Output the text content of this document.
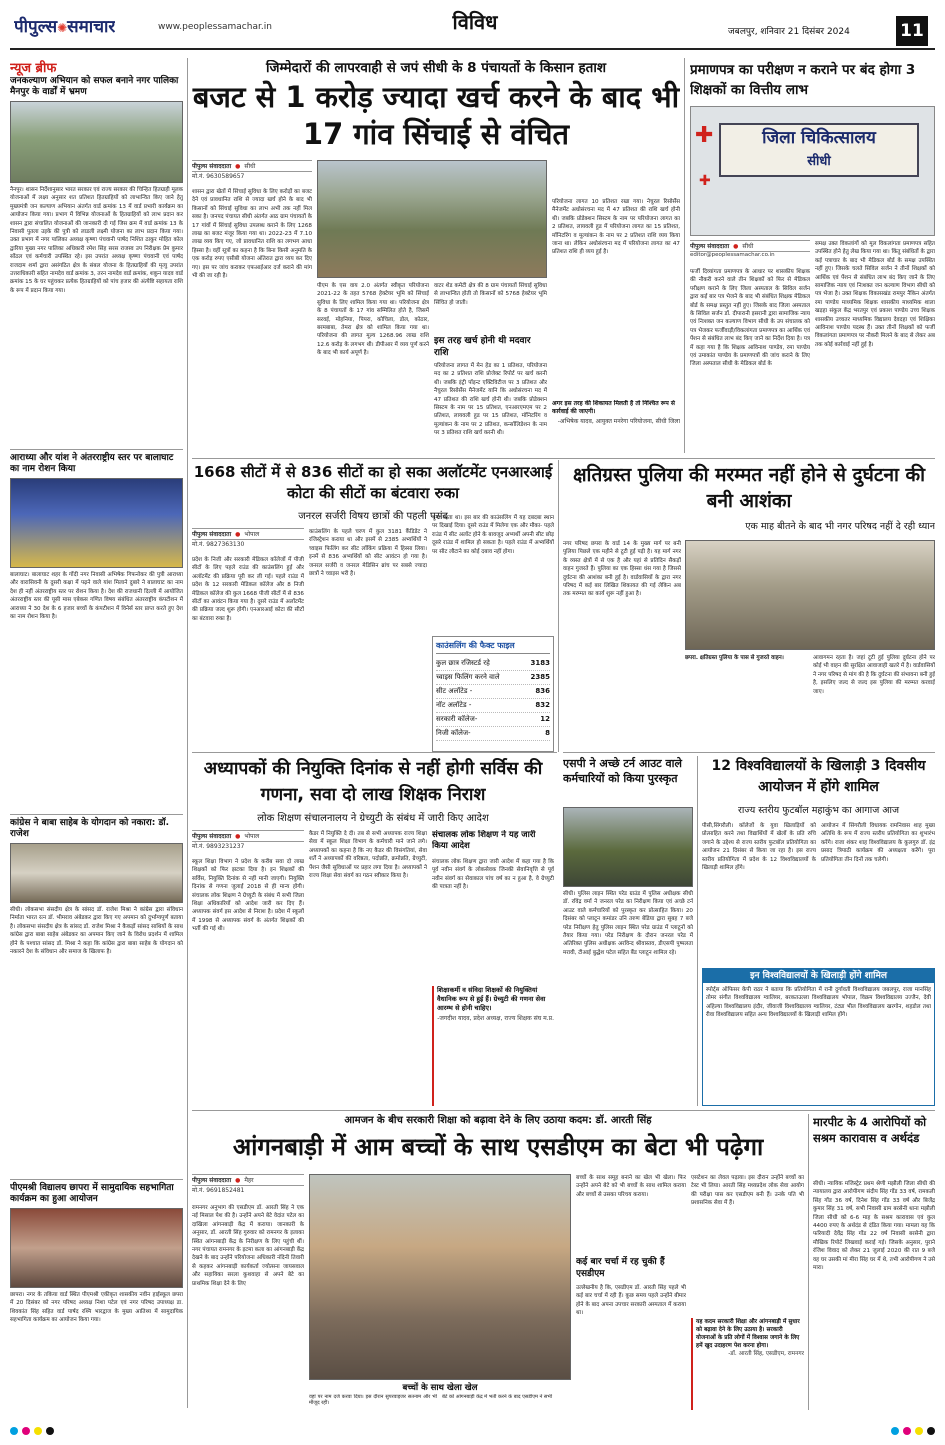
पीपुल्स✺समाचार	www.peoplessamachar.in	विविध	जबलपुर, शनिवार 21 दिसंबर 2024	11
न्यूज ब्रीफ
जनकल्याण अभियान को सफल बनाने नगर पालिका मैनपुर के वार्डों में भ्रमण
नैनपुर। शासन निर्देशानुसार भारत सरकार एवं राज्य सरकार की चिन्हित हितग्राही मूलक योजनाओं में लक्ष्य अनुसार शत प्रतिशत हितग्राहियों को लाभान्वित किए जाने हेतु मुख्यमंत्री जन कल्याण अभियान अंतर्गत वार्ड क्रमांक 13 में वार्ड प्रभारी कार्यक्रम का आयोजन किया गया। प्रभाग में विभिन्न योजनाओं के हितग्राहियों को लाभ प्रदान कर शासन द्वारा संचालित योजनाओं की जानकारी दी गई जिस क्रम में वार्ड क्रमांक 13 के निवासी पुतला उइके की पुत्री को लाडली लक्ष्मी योजना का लाभ प्रदान किया गया। उक्त प्रभाग में नगर पालिका अध्यक्ष कृष्णा पंचवानी पार्षद निशित ठाकुर मोहित कोल द्वारिया मुख्य नगर पालिका अधिकारी रमेश सिंह सरस राजस्व उप निरीक्षक प्रेम कुमार सोंठल एवं कर्मचारी उपस्थित रहे। इस उपरांत अध्यक्ष कृष्णा पंचवानी एवं पार्षद राजदाम शर्मा द्वारा असंगठित क्षेत्र के संबल योजना के हितग्राहियों की मृत्यु उपरांत उत्तराधिकारी सहित नामदेव वार्ड क्रमांक 3, तरन नामदेव वार्ड क्रमांक, शकुन यादव वार्ड क्रमांक 15 के घर पहुंचकर प्रत्येक हितग्राहियों को पांच हजार की अंत्येष्टि सहायता राशि के रूप में प्रदान किया गया।
आराध्या और यांश ने अंतरराष्ट्रीय स्तर पर बालाघाट का नाम रोशन किया
बालाघाट। बालाघाट शहर के गोंदी नगर निवासी अभिषेक गिफनोकर की पुत्री आराध्या और वारासिवनी के दुसरी कक्षा में पढ़ने वाले यांश मिलाने दुबारे ने बालाघाट का नाम देश ही नहीं अंतरराष्ट्रीय स्तर पर रोशन किया है। देश की राजधानी दिल्ली में आयोजित अंतरराष्ट्रीय स्तर की यूसी मास एबेकस गणित विषय संबंधित अंतरराष्ट्रीय कंपटीशन में आराध्या ने 30 देश के 6 हजार बच्चों के कंपटीशन में विनेर्स स्तर प्राप्त करते हुए देश का नाम रोशन किया है।
कांग्रेस ने बाबा साहेब के योगदान को नकारा: डॉ. राजेश
सीधी। लोकसभा संसदीय क्षेत्र के सांसद डॉ. राजेश मिश्रा ने कांग्रेस द्वारा संविधान निर्माता भारत रत्न डॉ. भीमराव अंबेडकर द्वारा किए गए अपमान को दुर्भाग्यपूर्ण बताया है। लोकसभा संसदीय क्षेत्र के सांसद डॉ. राजेश मिश्रा ने कैकड़ों सांसद साथियों के साथ कांग्रेस द्वारा बाबा साहेब अंबेडकर का अपमान किए जाने के विरोध प्रदर्शन में शामिल होने के पश्चात सांसद डॉ. मिश्रा ने कहा कि कांग्रेस द्वारा बाबा साहेब के योगदान को नकारने देश के संविधान और समाज के खिलाफ है।
पीएमश्री विद्यालय छापरा में सामुदायिक सहभागिता कार्यक्रम का हुआ आयोजन
छापरा। नगर के तकिया वार्ड स्थित पीएमश्री एकीकृत शासकीय नवीन हाईस्कूल छपरा में 20 दिसंबर को नगर परिषद अध्यक्ष निशा पटेल एवं नगर परिषद उपाध्यक्ष डा. शिवकांत सिंह सहित वार्ड पार्षद रश्मि भारद्वाज के मुख्य आतिथ्य में सामुदायिक सहभागिता कार्यक्रम का आयोजन किया गया।
जिम्मेदारों की लापरवाही से जपं सीधी के 8 पंचायतों के किसान हताश
बजट से 1 करोड़ ज्यादा खर्च करने के बाद भी 17 गांव सिंचाई से वंचित
पीपुल्स संवाददाता ● सीधी
मो.नं. 9630589657
शासन द्वारा खेतों में सिंचाई सुविधा के लिए करोड़ों का बजट देने एवं प्रावधानित राशि से ज्यादा खर्च होने के बाद भी किसानों को सिंचाई सुविधा का लाभ अभी तक नहीं मिल सका है। जनपद पंचायत सीधी अंतर्गत आठ ग्राम पंचायतों के 17 गांवों में सिंचाई सुविधा उपलब्ध कराने के लिए 1268 लाख का बजट मंजूर किया गया था। 2022-23 में 7.10 लाख व्यय किए गए, जो प्रावधानित राशि का लगभग आधा हिस्सा है। वहीं सूत्रों का कहना है कि बिना किसी अनुमति के एक करोड़ रुपए एसीबी योजना अंतिरात द्वारा व्यय कर दिए गए। इस पर जांच कराकर एफआईआर दर्ज कराने की मांग भी की जा रही है।
पीएम के एस वाय 2.0 अंतर्गत स्वीकृत परियोजना 2021-22 के तहत 5768 हेक्टेयर भूमि को सिंचाई सुविधा के लिए शामिल किया गया था। परियोजना क्षेत्र के 8 पंचायतों के 17 गांव सम्मिलित होते है, जिसमें सरवई, मोहनिया, पिपरा, कोचिला, डोल, कोठार, बरमबाबा, तेमरा क्षेत्र को शामिल किया गया था। परियोजना की लागत मूल्य 1268.96 लाख राशि 12.6 करोड़ के लगभग थी। डीपीआर में व्यय पूर्ण करने के बाद भी कार्य अपूर्ण है।
वाटर शेड कमेटी क्षेत्र की 8 ग्राम पंचायतों सिंचाई सुविधा से लाभान्वित होती तो किसानों को 5768 हेक्टेयर भूमि सिंचित हो जाती।
इस तरह खर्च होनी थी मदवार राशि
परियोजना लागत में मेन हेड का 1 प्रतिशत, परियोजना मद का 2 प्रतिशत राशि प्रोजेक्ट रिपोर्ट पर खर्च करनी थी। जबकि इंट्री पॉइन्ट एक्टिविटीज पर 3 प्रतिशत और नैचुरल रिसोर्सेस मैनेजमेंट यानि कि अधोसंरचना मद में 47 प्रतिशत की राशि खर्च होनी थी। जबकि प्रोडेक्शन सिस्टम के नाम पर 15 प्रतिशत, एनआरएमएम पर 2 प्रतिशत, लायवली हुड पर 15 प्रतिशत, मॉनिटरिंग व मूल्यांकन के नाम पर 2 प्रतिशत, कन्सॉलिडेशन के नाम पर 3 प्रतिशत राशि खर्च करनी थी।
परियोजना लागत 10 प्रतिशत रखा गया। नेचुरल रिसोर्सेस मैनेजमेंट अधोसंरचना मद में 47 प्रतिशत की राशि खर्च होनी थी। जबकि प्रोडेक्शन सिस्टम के नाम पर परियोजना लागत का 2 प्रतिशत, लायवली हुड में परियोजना लागत का 15 प्रतिशत, मॉनिटरिंग व मूल्यांकन के नाम पर 2 प्रतिशत राशि व्यय किया जाना था। लेकिन अधोसंरचना मद में परियोजना लागत का 47 प्रतिशत राशि ही व्यय हुई है।
अगर इस तरह की शिकायत मिलती है तो निश्चित रूप से कार्रवाई की जाएगी।
-अभिषेक यादव, आयुक्त मनरेगा परियोजना, सीधी जिला
प्रमाणपत्र का परीक्षण न कराने पर बंद होगा 3 शिक्षकों का वित्तीय लाभ
जिला चिकित्सालय
सीधी
✚
✚
पीपुल्स संवाददाता ● सीधी
editor@peoplessamachar.co.in
फर्जी दिव्यांगता प्रमाणपत्र के आधार पर शासकीय शिक्षक की नौकरी करने वाले तीन शिक्षकों को फिर से मेडिकल परीक्षण कराने के लिए जिला अस्पताल के सिविल सर्जन द्वारा कई बार पत्र भेजने के बाद भी संबंधित शिक्षक मेडिकल बोर्ड के समक्ष प्रस्तुत नहीं हुए। जिसके बाद जिला अस्पताल के सिविल सर्जन डॉ. दीपारानी इसरानी द्वारा सामाजिक न्याय एवं निःशक्त जन कल्याण विभाग सीधी के उप संचालक को पत्र भेजकर फर्जीवाड़ी/विकलांगता प्रमाणपत्र का आर्थिक एवं पेंशन से संबंधित लाभ बंद किए जाने का निर्देश दिया है। पत्र में कहा गया है कि शिक्षक आविनाश पाण्डेय, रमा पाण्डेय एवं उमाकांत पाण्डेय के प्रमाणपत्रों की जांच कराने के लिए जिला अस्पताल सीधी के मेडिकल बोर्ड के
समक्ष उक्त विकलांगों को मूल विकलांगता प्रमाणपत्र सहित उपस्थित होने हेतु लेख किया गया था। किंतु संबंधितों के द्वारा कई पत्राचार के बाद भी मेडिकल बोर्ड के समक्ष उपस्थित नहीं हुए। जिसके चलते सिविल सर्जन ने तीनों शिक्षकों को आर्थिक एवं पेंशन से संबंधित लाभ बंद किए जाने के लिए सामाजिक न्याय एवं निःशक्त जन कल्याण विभाग सीधी को पत्र भेजा है। उक्त शिक्षक विकासखंड रामपुर नैकिन अंतर्गत रमा पाण्डेय माध्यमिक शिक्षक शासकीय माध्यमिक शाला खड़हा संकुल केंद्र भरतपुर एवं प्रकाश पाण्डेय उच्च शिक्षक शासकीय उच्चतर माध्यमिक विद्यालय देवदहा एवं शिक्षिका आविनाश पाण्डेय पदस्थ हैं। उक्त तीनों शिक्षकों को फर्जी विकलांगता प्रमाणपत्र पर नौकरी मिलने के बाद से लेकर अब तक कोई कार्रवाई नहीं हुई है।
1668 सीटों में से 836 सीटों का हो सका अलॉटमेंट एनआरआई कोटा की सीटों का बंटवारा रुका
जनरल सर्जरी विषय छात्रों की पहली पसंद
पीपुल्स संवाददाता ● भोपाल
मो.नं. 9827363130
प्रदेश के निजी और सरकारी मेडिकल कॉलेजों में पीजी सीटों के लिए पहले राउंड की काउंसलिंग हुई और अलॉटमेंट की प्रक्रिया पूरी कर ली गई। पहले राउंड में प्रदेश के 12 सरकारी मेडिकल कॉलेज और 8 निजी मेडिकल कॉलेज की कुल 1668 पीजी सीटों में से 836 सीटों का आवंटन किया गया है। दूसरे राउंड में अलॉटमेंट की प्रक्रिया जल्द शुरू होगी। एनआरआई कोटा की सीटों का बंटवारा रुका है।
काउंसलिंग के पहले चरण में कुल 3181 कैंडिडेट ने रजिस्ट्रेशन कराया था और इसमें से 2385 अभ्यर्थियों ने च्वाइस फिलिंग कर सीट लॉकिंग प्रक्रिया में हिस्सा लिया। इनमें से 836 अभ्यर्थियों को सीट आवंटन हो गया है। जनरल सर्जरी व जनरल मेडिसिन ब्रांच पर सबसे ज्यादा छात्रों ने च्वाइस भरी है।
चुना जाता था। इस बार की काउंसलिंग में यह दबदबा स्थान पर दिखाई दिया। दूसरे राउंड में मिलेगा एक और मौका- पहले राउंड में सीट अलॉट होने के बावजूद अभ्यर्थी अपनी सीट छोड़ दूसरे राउंड में शामिल हो सकता है। पहले राउंड में अभ्यर्थियों पर सीट लौटाने का कोई दबाव नहीं होगा।
काउंसलिंग की फैक्ट फाइल
कुल छात्र रजिस्टर्ड रहे	3183
च्वाइस फिलिंग करने वाले	2385
सीट अलॉटेड -	836
नॉट अलॉटेड -	832
सरकारी कॉलेज-	12
निजी कॉलेज-	8
क्षतिग्रस्त पुलिया की मरम्मत नहीं होने से दुर्घटना की बनी आशंका
एक माह बीतने के बाद भी नगर परिषद नहीं दे रही ध्यान
नगर परिषद छपरा के वार्ड 14 के मुख्य मार्ग पर बनी पुलिया पिछले एक महीने से टूटी हुई पड़ी है। यह मार्ग नगर के व्यस्त क्षेत्रों में से एक है और यहां से प्रतिदिन सैकड़ों वाहन गुजरते हैं। पुलिया का एक हिस्सा धंस गया है जिससे दुर्घटना की आशंका बनी हुई है। वार्डवासियों के द्वारा नगर परिषद में कई बार लिखित शिकायत की गई लेकिन अब तक मरम्मत का कार्य शुरू नहीं हुआ है।
छपरा. क्षतिग्रस्त पुलिया के पास से गुजरते वाहन।	आवागमन रहता है। जहां टूटी हुई पुलिया दुर्घटना होने पर कोई भी वाहन की सुरक्षित आवाजाही खतरे में है। वार्डवासियों ने नगर परिषद से मांग की है कि दुर्घटना की संभावना बनी हुई है, इसलिए जल्द से जल्द इस पुलिया की मरम्मत करवाई जाए।
अध्यापकों की नियुक्ति दिनांक से नहीं होगी सर्विस की गणना, सवा दो लाख शिक्षक निराश
लोक शिक्षण संचालनालय ने ग्रेच्युटी के संबंध में जारी किए आदेश
पीपुल्स संवाददाता ● भोपाल
मो.नं. 9893231237
स्कूल शिक्षा विभाग ने प्रदेश के करीब सवा दो लाख शिक्षकों को फिर झटका दिया है। इन शिक्षकों की सर्विस, नियुक्ति दिनांक से नहीं मानी जाएगी। नियुक्ति दिनांक से गणना जुलाई 2018 से ही मान्य होगी। संचालक लोक शिक्षण ने ग्रेच्युटी के संबंध में सभी जिला शिक्षा अधिकारियों को आदेश जारी कर दिए हैं। अध्यापक संवर्ग इस आदेश से निराश है। प्रदेश में स्कूलों में 1998 से अध्यापक संवर्ग के अंतर्गत शिक्षकों की भर्ती की गई थी।
कैडर में नियुक्ति दे दी। तब से सभी अध्यापक राज्य शिक्षा सेवा में स्कूल शिक्षा विभाग के कर्मचारी माने जाने लगे। अध्यापकों का कहना है कि नए कैडर की विसंगतियां, सेवा शर्तें ने अध्यापकों की वरिष्ठता, पदोन्नति, क्रमोन्नति, ग्रेच्युटी, पेंशन जैसी सुविधाओं पर प्रहार लगा दिया है। अध्यापकों ने राज्य शिक्षा सेवा संवर्ग का गठन स्वीकार किया है।
संचालक लोक शिक्षण ने यह जारी किया आदेश
संचालक लोक शिक्षण द्वारा जारी आदेश में कहा गया है कि पूर्व नवीन संवर्ग के लोकसेवक जिनकी सेवानिवृत्ति से पूर्व नवीन संवर्ग का सेवाकाल पांच वर्ष का न हुआ है, वे ग्रेच्युटी की पात्रता नहीं है।
शिक्षाकर्मी व संविदा शिक्षकों की नियुक्तियां वैधानिक रूप से हुई हैं। ग्रेच्युटी की गणना सेवा आरम्भ से होनी चाहिए।
-जगदीश यादव, प्रदेश अध्यक्ष, राज्य शिक्षक संघ म.प्र.
एसपी ने अच्छे टर्न आउट वाले कर्मचारियों को किया पुरस्कृत
सीधी। पुलिस लाइन स्थित परेड ग्राउंड में पुलिस अधीक्षक सीधी डॉ. रविंद्र वर्मा ने जनरल परेड का निरीक्षण किया एवं अच्छे टर्न आउट वाले कर्मचारियों को पुरस्कृत कर प्रोत्साहित किया। 20 दिसंबर को प्लाटून कमांडर उनि तरुण बेडिया द्वारा सुबह 7 बजे परेड निरीक्षण हेतु पुलिस लाइन स्थित परेड ग्राउंड में प्लाटूनों को तैयार किया गया। परेड निरीक्षण के दौरान जनरल परेड में अतिरिक्त पुलिस अधीक्षक अरविन्द श्रीवास्तव, डीएसपी पुष्पलता मरावी, टीआई बुद्धेश पटेल सहित बैंड प्लाटून शामिल रहे।
12 विश्वविद्यालयों के खिलाड़ी 3 दिवसीय आयोजन में होंगे शामिल
राज्य स्तरीय फुटबॉल महाकुंभ का आगाज आज
पीसी,सिंगरौली। कॉलेजों के युवा खिलाड़ियों को प्रोत्साहित करने तथा विद्यार्थियों में खेलों के प्रति रुचि जगाने के उद्देश्य से राज्य स्तरीय फुटबॉल प्रतियोगिता का आयोजन 21 दिसंबर से किया जा रहा है। इस राज्य स्तरीय प्रतियोगिता में प्रदेश के 12 विश्वविद्यालयों के खिलाड़ी शामिल होंगे।
आयोजन में सिंगरौली विधायक रामनिवास शाह मुख्य अतिथि के रूप में राज्य स्तरीय प्रतियोगिता का शुभारंभ करेंगे। राजा शंकर शाह विश्वविद्यालय के कुलगुरु डॉ. इंद्र प्रसाद त्रिपाठी कार्यक्रम की अध्यक्षता करेंगे। पूरा प्रतियोगिता तीन दिनों तक चलेगी।
इन विश्वविद्यालयों के खिलाड़ी होंगे शामिल
स्पोर्ट्स ऑफिसर केपी राठर ने बताया कि प्रतियोगिता में रानी दुर्गावती विश्वविद्यालय जबलपुर, राजा मानसिंह तोमर संगीत विश्वविद्यालय ग्वालियर, बरकतउल्ला विश्वविद्यालय भोपाल, विक्रम विश्वविद्यालय उज्जैन, देवी अहिल्या विश्वविद्यालय इंदौर, जीवाजी विश्वविद्यालय ग्वालियर, टंट्या भील विश्वविद्यालय खरगोन, शहडोल तथा रीवा विश्वविद्यालय सहित अन्य विश्वविद्यालयों के खिलाड़ी शामिल होंगे।
आमजन के बीच सरकारी शिक्षा को बढ़ावा देने के लिए उठाया कदम: डॉ. आरती सिंह
आंगनबाड़ी में आम बच्चों के साथ एसडीएम का बेटा भी पढ़ेगा
पीपुल्स संवाददाता ● मैहर
मो.नं. 9691852481
रामनगर अनुभाग की एसडीएम डॉ. आरती सिंह ने एक नई मिसाल पेश की है। उन्होंने अपने बेटे वेदांत पटेल का दाखिला आंगनबाड़ी केंद्र में कराया। जानकारी के अनुसार, डॉ. आरती सिंह गुरुवार को रामनगर के इलाका स्थित आंगनबाड़ी केंद्र के निरीक्षण के लिए पहुंची थीं। नगर पंचायत रामनगर के इटमा कला का आंगनबाड़ी केंद्र देखने के बाद उन्होंने परियोजना अधिकारी नंदिनी तिवारी से कहकर आंगनबाड़ी कार्यकर्ता ज्योत्सना जायसवाल और सहायिका सरला कुशवाहा से अपने बेटे का प्राथमिक शिक्षा देने के लिए
बच्चों के साथ खेला खेल
वहां पर नाम दर्ज करवा दिया। इस दौरान सुपरवाइजर सतनाम और भी मौजूद रहीं।
बेटे को आंगनबाड़ी केंद्र में भर्ती करने के बाद एसडीएम ने सभी
बच्चों के साथ समूह बनाने का खेल भी खेला। फिर उन्होंने अपने बेटे को भी बच्चों के साथ शामिल कराया और बच्चों से उसका परिचय कराया।
कई बार चर्चा में रह चुकी हैं एसडीएम
उल्लेखनीय है कि, एसडीएम डॉ. आरती सिंह पहले भी कई बार चर्चा में रही हैं। कुछ समय पहले उन्होंने बीमार होने के बाद अपना उपचार सरकारी अस्पताल में कराया था।
एसटेशन का लेवल पढ़ाया। इस दौरान उन्होंने बच्चों का टेस्ट भी लिया। आरती सिंह मध्यप्रदेश लोक सेवा आयोग की परीक्षा पास कर एसडीएम बनी हैं। उनके पति भी प्रशासनिक सेवा में हैं।
यह कदम सरकारी शिक्षा और आंगनबाड़ी में सुधार को बढ़ावा देने के लिए उठाया है। सरकारी योजनाओं के प्रति लोगों में विश्वास जगाने के लिए हमें खुद उदाहरण पेश करना होगा।
-डॉ. आरती सिंह, एसडीएम, रामनगर
मारपीट के 4 आरोपियों को सश्रम कारावास व अर्थदंड
सीधी। न्यायिक मजिस्ट्रेट प्रथम श्रेणी मझौली जिला सीधी की न्यायालय द्वारा आरोपीगण संदीप सिंह गोंड 33 वर्ष, रामकली सिंह गोंड 36 वर्ष, दिनेश सिंह गोंड 33 वर्ष और बिजेंद्र कुमार सिंह 31 वर्ष, सभी निवासी ग्राम बरसेनी थाना मझौली जिला सीधी को 6-6 माह के सश्रम कारावास एवं कुल 4400 रुपए के अर्थदंड से दंडित किया गया। मामला यह कि फरियादी देवेंद्र सिंह गोंड 22 वर्ष निवासी बरसेनी द्वारा मौखिक रिपोर्ट लिखवाई कराई गई। जिसके अनुसार, पुराने रंजिश विवाद को लेकर 21 जुलाई 2020 की रात 9 बजे वह घर उसकी मां मीरा सिंह घर में थे, तभी आरोपीगण ने उसे मारा।
